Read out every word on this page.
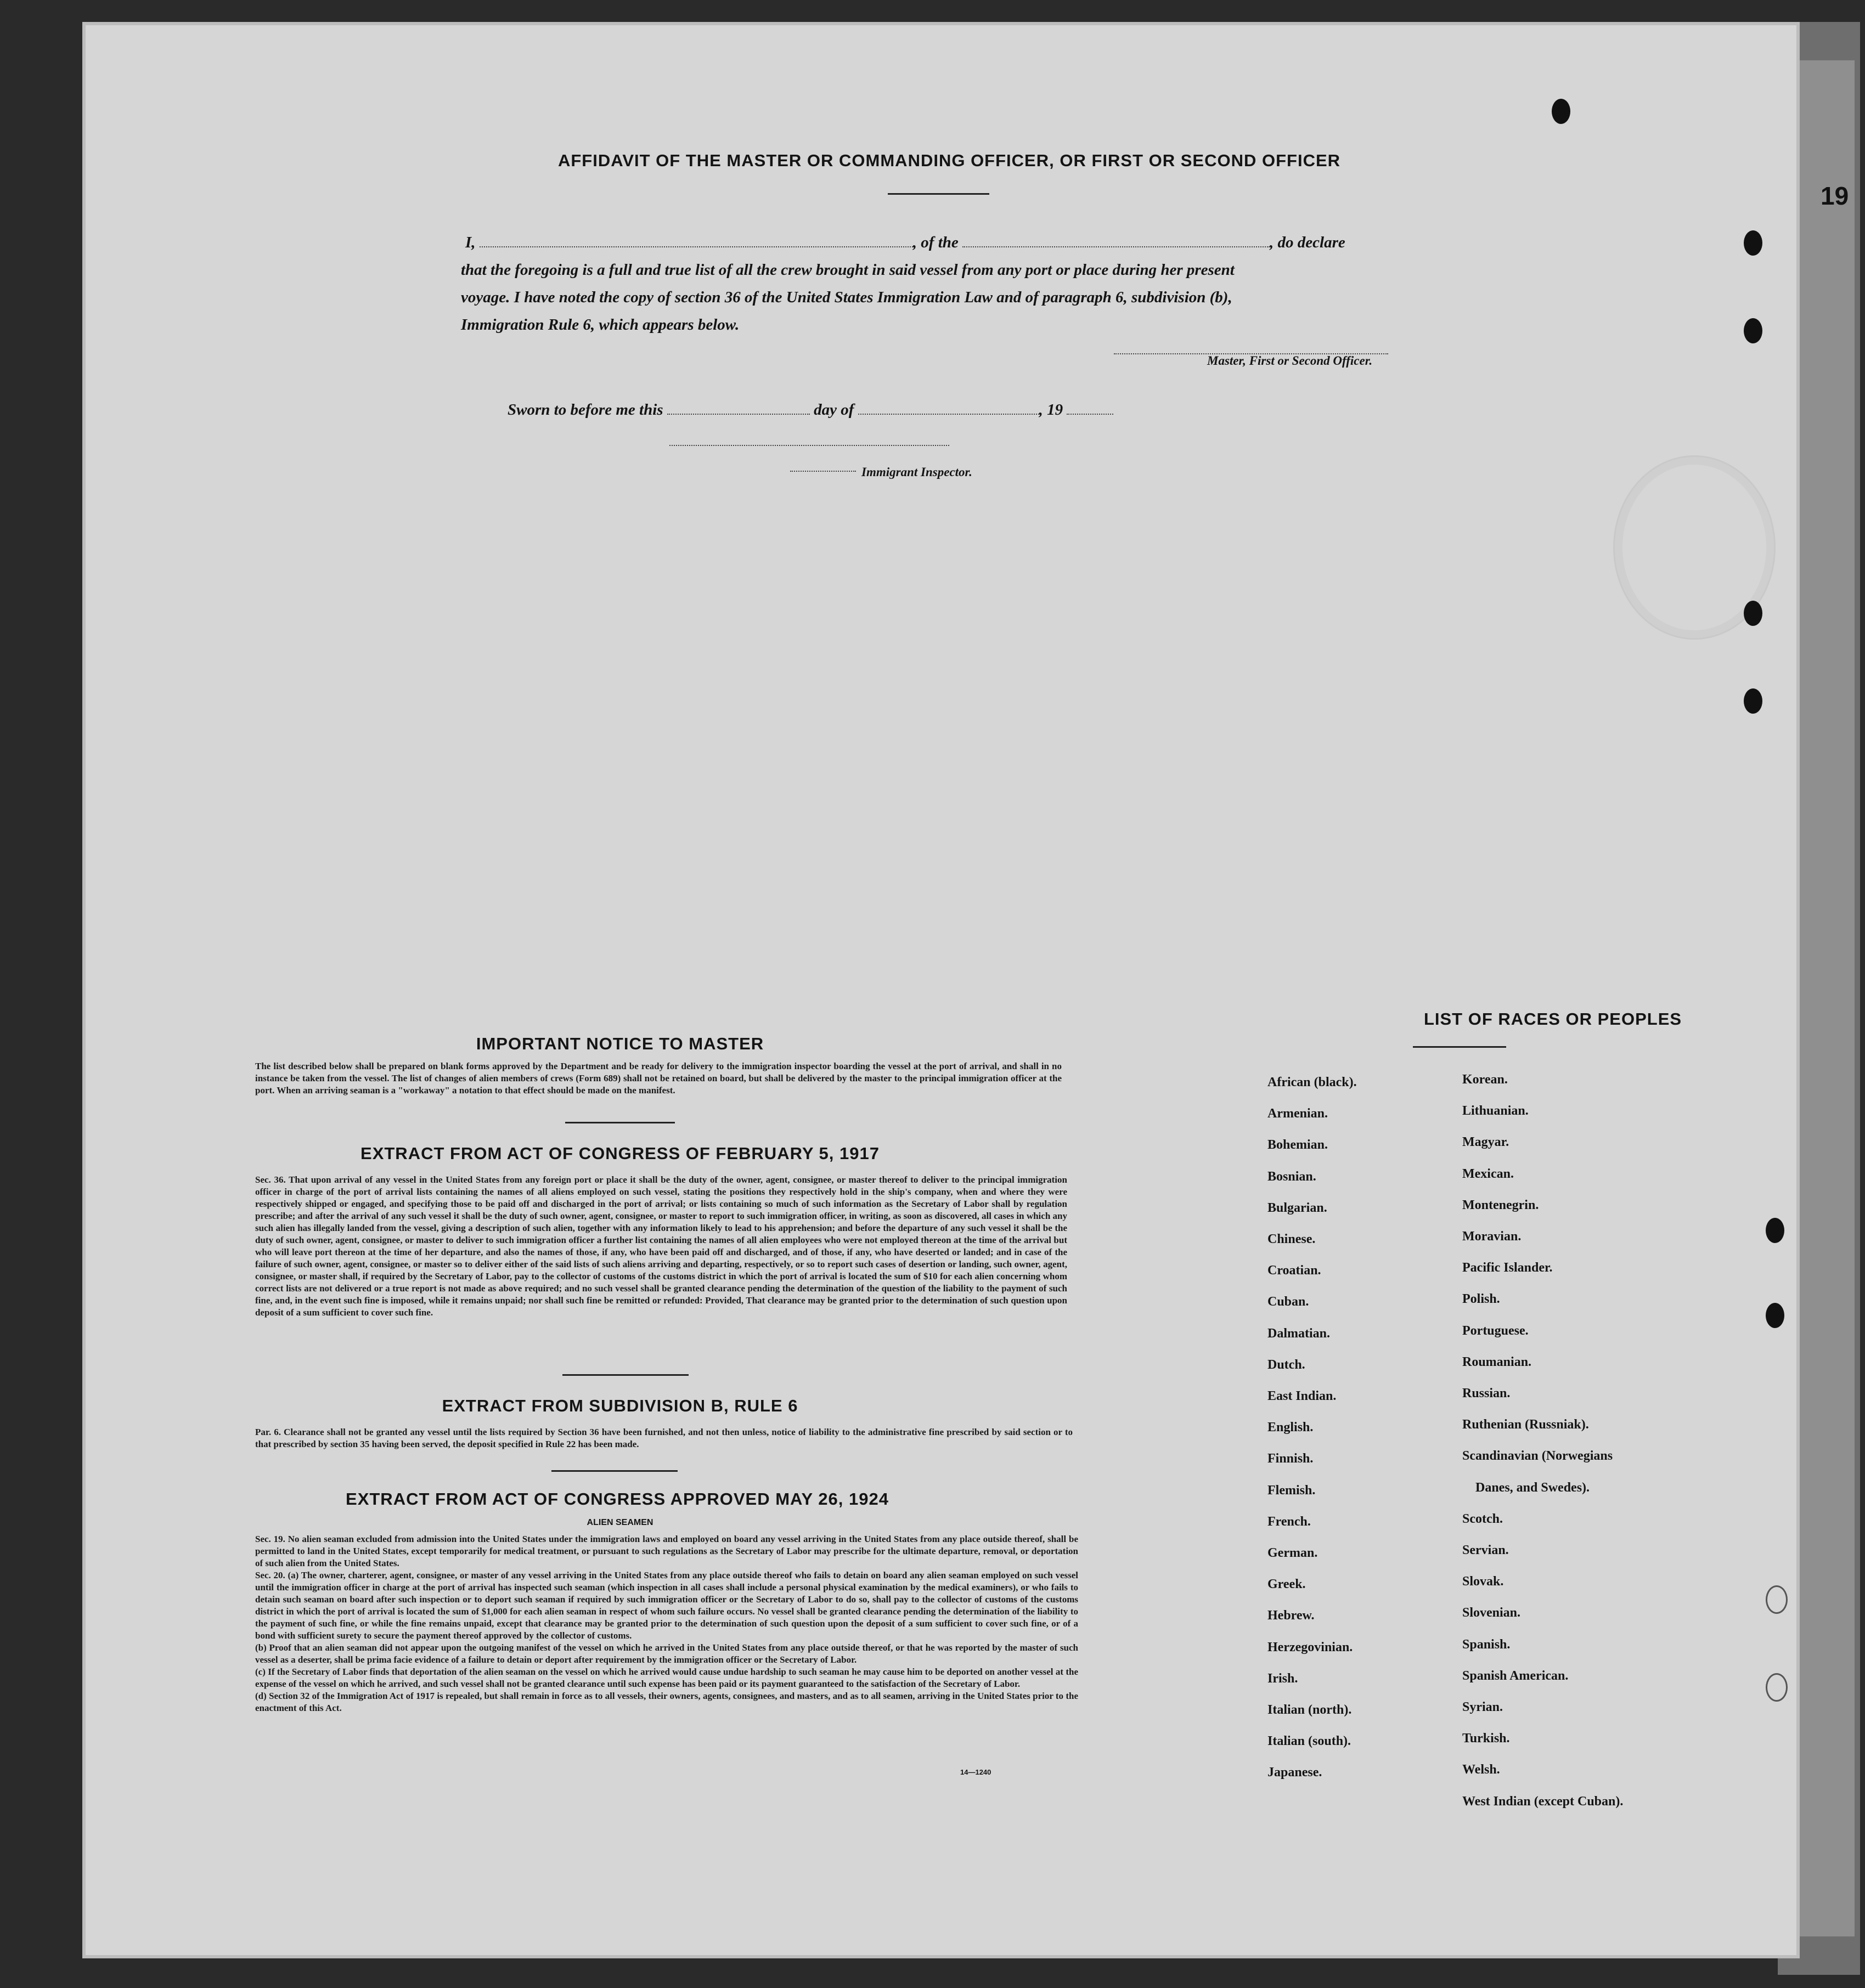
19
AFFIDAVIT OF THE MASTER OR COMMANDING OFFICER, OR FIRST OR SECOND OFFICER
I,	, of the	, do declare
that the foregoing is a full and true list of all the crew brought in said vessel from any port or place during her present
voyage. I have noted the copy of section 36 of the United States Immigration Law and of paragraph 6, subdivision (b),
Immigration Rule 6, which appears below.
Master, First or Second Officer.
Sworn to before me this	day of	, 19
Immigrant Inspector.
IMPORTANT NOTICE TO MASTER
The list described below shall be prepared on blank forms approved by the Department and be ready for delivery to the immigration inspector boarding the vessel at the port of arrival, and shall in no instance be taken from the vessel. The list of changes of alien members of crews (Form 689) shall not be retained on board, but shall be delivered by the master to the principal immigration officer at the port. When an arriving seaman is a "workaway" a notation to that effect should be made on the manifest.
EXTRACT FROM ACT OF CONGRESS OF FEBRUARY 5, 1917
Sec. 36. That upon arrival of any vessel in the United States from any foreign port or place it shall be the duty of the owner, agent, consignee, or master thereof to deliver to the principal immigration officer in charge of the port of arrival lists containing the names of all aliens employed on such vessel, stating the positions they respectively hold in the ship's company, when and where they were respectively shipped or engaged, and specifying those to be paid off and discharged in the port of arrival; or lists containing so much of such information as the Secretary of Labor shall by regulation prescribe; and after the arrival of any such vessel it shall be the duty of such owner, agent, consignee, or master to report to such immigration officer, in writing, as soon as discovered, all cases in which any such alien has illegally landed from the vessel, giving a description of such alien, together with any information likely to lead to his apprehension; and before the departure of any such vessel it shall be the duty of such owner, agent, consignee, or master to deliver to such immigration officer a further list containing the names of all alien employees who were not employed thereon at the time of the arrival but who will leave port thereon at the time of her departure, and also the names of those, if any, who have been paid off and discharged, and of those, if any, who have deserted or landed; and in case of the failure of such owner, agent, consignee, or master so to deliver either of the said lists of such aliens arriving and departing, respectively, or so to report such cases of desertion or landing, such owner, agent, consignee, or master shall, if required by the Secretary of Labor, pay to the collector of customs of the customs district in which the port of arrival is located the sum of $10 for each alien concerning whom correct lists are not delivered or a true report is not made as above required; and no such vessel shall be granted clearance pending the determination of the question of the liability to the payment of such fine, and, in the event such fine is imposed, while it remains unpaid; nor shall such fine be remitted or refunded: Provided, That clearance may be granted prior to the determination of such question upon deposit of a sum sufficient to cover such fine.
EXTRACT FROM SUBDIVISION B, RULE 6
Par. 6. Clearance shall not be granted any vessel until the lists required by Section 36 have been furnished, and not then unless, notice of liability to the administrative fine prescribed by said section or to that prescribed by section 35 having been served, the deposit specified in Rule 22 has been made.
EXTRACT FROM ACT OF CONGRESS APPROVED MAY 26, 1924
ALIEN SEAMEN
Sec. 19. No alien seaman excluded from admission into the United States under the immigration laws and employed on board any vessel arriving in the United States from any place outside thereof, shall be permitted to land in the United States, except temporarily for medical treatment, or pursuant to such regulations as the Secretary of Labor may prescribe for the ultimate departure, removal, or deportation of such alien from the United States.
Sec. 20. (a) The owner, charterer, agent, consignee, or master of any vessel arriving in the United States from any place outside thereof who fails to detain on board any alien seaman employed on such vessel until the immigration officer in charge at the port of arrival has inspected such seaman (which inspection in all cases shall include a personal physical examination by the medical examiners), or who fails to detain such seaman on board after such inspection or to deport such seaman if required by such immigration officer or the Secretary of Labor to do so, shall pay to the collector of customs of the customs district in which the port of arrival is located the sum of $1,000 for each alien seaman in respect of whom such failure occurs. No vessel shall be granted clearance pending the determination of the liability to the payment of such fine, or while the fine remains unpaid, except that clearance may be granted prior to the determination of such question upon the deposit of a sum sufficient to cover such fine, or of a bond with sufficient surety to secure the payment thereof approved by the collector of customs.
(b) Proof that an alien seaman did not appear upon the outgoing manifest of the vessel on which he arrived in the United States from any place outside thereof, or that he was reported by the master of such vessel as a deserter, shall be prima facie evidence of a failure to detain or deport after requirement by the immigration officer or the Secretary of Labor.
(c) If the Secretary of Labor finds that deportation of the alien seaman on the vessel on which he arrived would cause undue hardship to such seaman he may cause him to be deported on another vessel at the expense of the vessel on which he arrived, and such vessel shall not be granted clearance until such expense has been paid or its payment guaranteed to the satisfaction of the Secretary of Labor.
(d) Section 32 of the Immigration Act of 1917 is repealed, but shall remain in force as to all vessels, their owners, agents, consignees, and masters, and as to all seamen, arriving in the United States prior to the enactment of this Act.
14—1240
LIST OF RACES OR PEOPLES
African (black).
Armenian.
Bohemian.
Bosnian.
Bulgarian.
Chinese.
Croatian.
Cuban.
Dalmatian.
Dutch.
East Indian.
English.
Finnish.
Flemish.
French.
German.
Greek.
Hebrew.
Herzegovinian.
Irish.
Italian (north).
Italian (south).
Japanese.
Korean.
Lithuanian.
Magyar.
Mexican.
Montenegrin.
Moravian.
Pacific Islander.
Polish.
Portuguese.
Roumanian.
Russian.
Ruthenian (Russniak).
Scandinavian (Norwegians
Danes, and Swedes).
Scotch.
Servian.
Slovak.
Slovenian.
Spanish.
Spanish American.
Syrian.
Turkish.
Welsh.
West Indian (except Cuban).
